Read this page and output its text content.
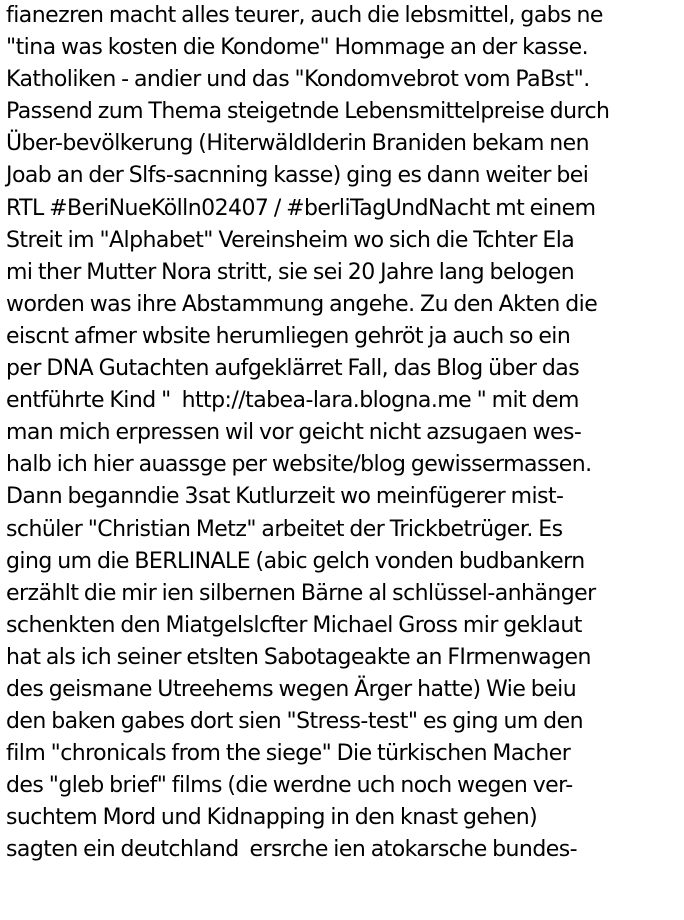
fianezren macht alles teurer, auch die lebsmittel, gabs ne
"tina was kosten die Kondome" Hommage an der kasse.
Katholiken - andier und das "Kondomvebrot vom PaBst".
Passend zum Thema steigetnde Lebensmittelpreise durch
Über-bevölkerung (Hiterwäldlderin Braniden bekam nen
Joab an der Slfs-sacnning kasse) ging es dann weiter bei
RTL #BeriNueKölln02407 / #berliTagUndNacht mt einem
Streit im "Alphabet" Vereinsheim wo sich die Tchter Ela
mi ther Mutter Nora stritt, sie sei 20 Jahre lang belogen
worden was ihre Abstammung angehe. Zu den Akten die
eiscnt afmer wbsite herumliegen gehröt ja auch so ein
per DNA Gutachten aufgeklärret Fall, das Blog über das
entführte Kind "  http://tabea-lara.blogna.me " mit dem
man mich erpressen wil vor geicht nicht azsugaen wes-
halb ich hier auassge per website/blog gewissermassen.
Dann beganndie 3sat Kutlurzeit wo meinfügerer mist-
schüler "Christian Metz" arbeitet der Trickbetrüger. Es
ging um die BERLINALE (abic gelch vonden budbankern
erzählt die mir ien silbernen Bärne al schlüssel-anhänger
schenkten den Miatgelslcfter Michael Gross mir geklaut
hat als ich seiner etslten Sabotageakte an FIrmenwagen
des geismane Utreehems wegen Ärger hatte) Wie beiu
den baken gabes dort sien "Stress-test" es ging um den
film "chronicals from the siege" Die türkischen Macher
des "gleb brief" films (die werdne uch noch wegen ver-
suchtem Mord und Kidnapping in den knast gehen)
sagten ein deutchland  ersrche ien atokarsche bundes-
